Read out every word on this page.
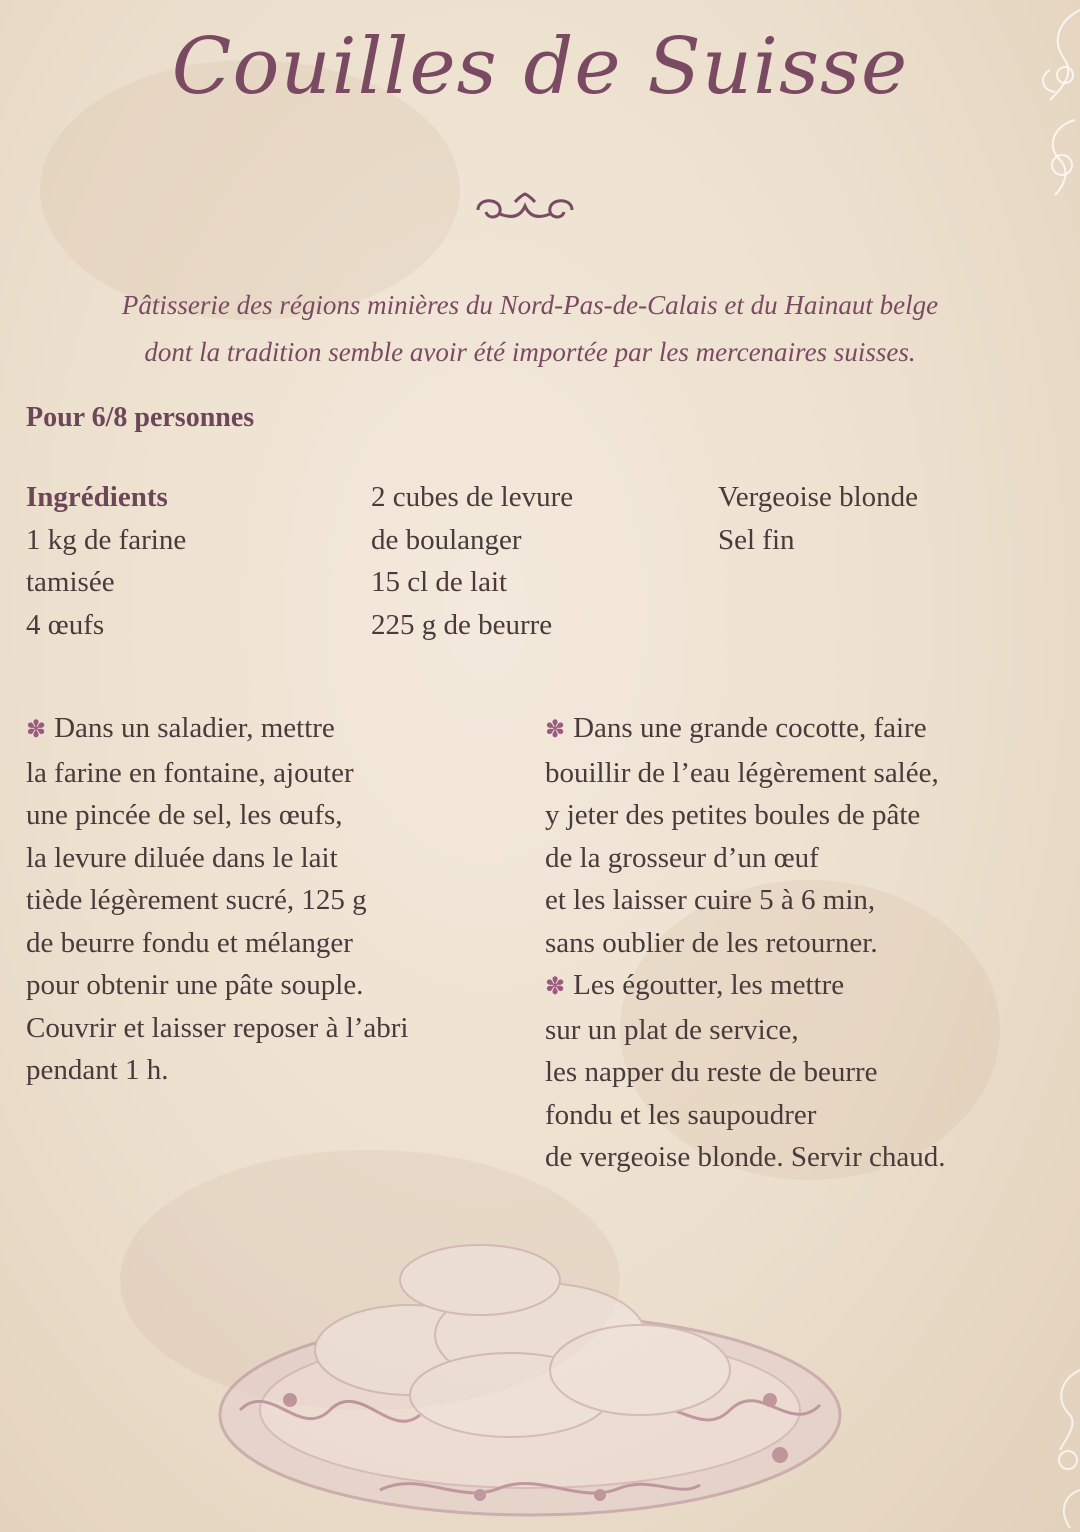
Couilles de Suisse
Pâtisserie des régions minières du Nord-Pas-de-Calais et du Hainaut belge
dont la tradition semble avoir été importée par les mercenaires suisses.
Pour 6/8 personnes
Ingrédients
1 kg de farine
tamisée
4 œufs
2 cubes de levure
de boulanger
15 cl de lait
225 g de beurre
Vergeoise blonde
Sel fin
✽ Dans un saladier, mettre
la farine en fontaine, ajouter
une pincée de sel, les œufs,
la levure diluée dans le lait
tiède légèrement sucré, 125 g
de beurre fondu et mélanger
pour obtenir une pâte souple.
Couvrir et laisser reposer à l’abri
pendant 1 h.
✽ Dans une grande cocotte, faire
bouillir de l’eau légèrement salée,
y jeter des petites boules de pâte
de la grosseur d’un œuf
et les laisser cuire 5 à 6 min,
sans oublier de les retourner.
✽ Les égoutter, les mettre
sur un plat de service,
les napper du reste de beurre
fondu et les saupoudrer
de vergeoise blonde. Servir chaud.
